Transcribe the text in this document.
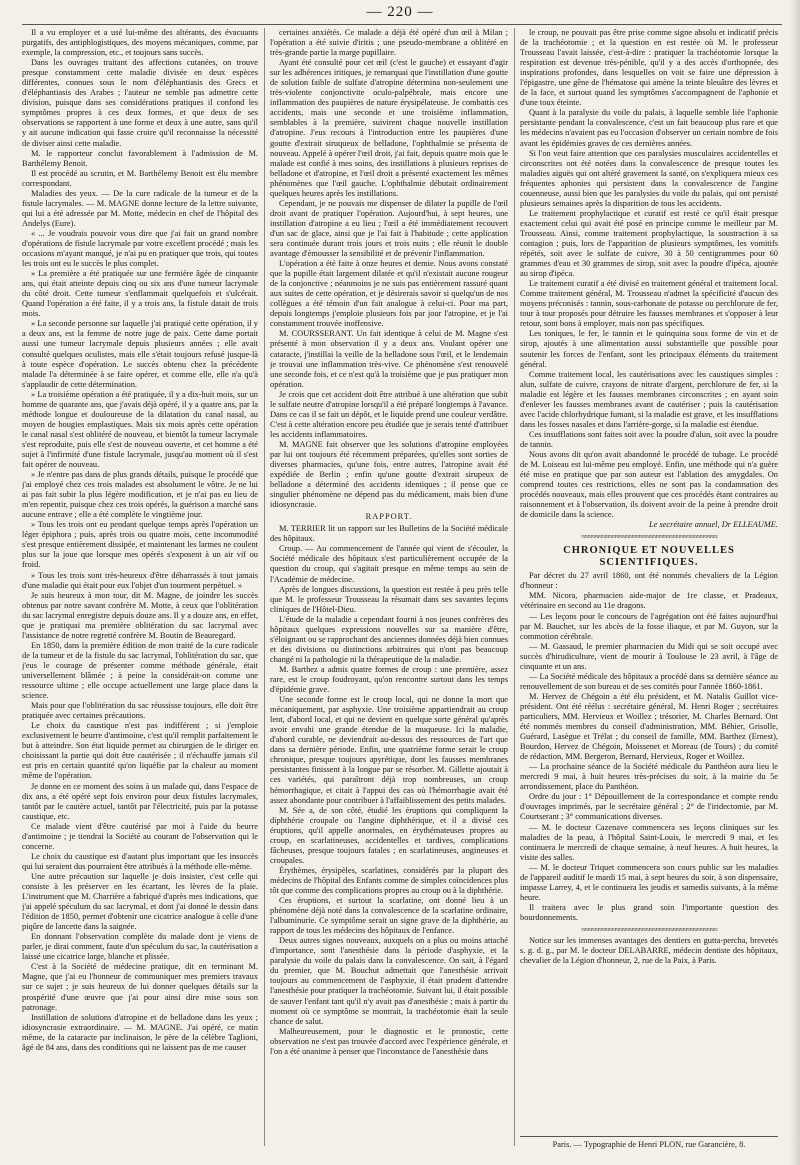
— 220 —

Il a vu employer et a usé lui-même des altérants, des évacuants purgatifs, des antiphlogistiques, des moyens mécaniques, comme, par exemple, la compression, etc., et toujours sans succès.

Dans les ouvrages traitant des affections cutanées, on trouve presque constamment cette maladie divisée en deux espèces différentes, connues sous le nom d'éléphantiasis des Grecs et d'éléphantiasis des Arabes ; l'auteur ne semble pas admettre cette division, puisque dans ses considérations pratiques il confond les symptômes propres à ces deux formes, et que deux de ses observations se rapportent à une forme et deux à une autre, sans qu'il y ait aucune indication qui fasse croire qu'il reconnaisse la nécessité de diviser ainsi cette maladie.

M. le rapporteur conclut favorablement à l'admission de M. Barthélemy Benoit.

Il est procédé au scrutin, et M. Barthélemy Benoit est élu membre correspondant.

Maladies des yeux. — De la cure radicale de la tumeur et de la fistule lacrymales. — M. MAGNE donne lecture de la lettre suivante, qui lui a été adressée par M. Motte, médecin en chef de l'hôpital des Andelys (Eure).

« ... Je voudrais pouvoir vous dire que j'ai fait un grand nombre d'opérations de fistule lacrymale par votre excellent procédé ; mais les occasions m'ayant manqué, je n'ai pu en pratiquer que trois, qui toutes les trois ont eu le succès le plus complet.

» La première a été pratiquée sur une fermière âgée de cinquante ans, qui était atteinte depuis cinq ou six ans d'une tumeur lacrymale du côté droit. Cette tumeur s'enflammait quelquefois et s'ulcérait. Quand l'opération a été faite, il y a trois ans, la fistule datait de trois mois.

» La seconde personne sur laquelle j'ai pratiqué cette opération, il y a deux ans, est la femme de notre juge de paix. Cette dame portait aussi une tumeur lacrymale depuis plusieurs années ; elle avait consulté quelques oculistes, mais elle s'était toujours refusé jusque-là à toute espèce d'opération. Le succès obtenu chez la précédente malade l'a déterminée à se faire opérer, et comme elle, elle n'a qu'à s'applaudir de cette détermination.

» La troisième opération a été pratiquée, il y a dix-huit mois, sur un homme de quarante ans, que j'avais déjà opéré, il y a quatre ans, par la méthode longue et douloureuse de la dilatation du canal nasal, au moyen de bougies emplastiques. Mais six mois après cette opération le canal nasal s'est oblitéré de nouveau, et bientôt la tumeur lacrymale s'est reproduite, puis elle s'est de nouveau ouverte, et cet homme a été sujet à l'infirmité d'une fistule lacrymale, jusqu'au moment où il s'est fait opérer de nouveau.

» Je n'entre pas dans de plus grands détails, puisque le procédé que j'ai employé chez ces trois malades est absolument le vôtre. Je ne lui ai pas fait subir la plus légère modification, et je n'ai pas eu lieu de m'en repentir, puisque chez ces trois opérés, la guérison a marché sans aucune entrave ; elle a été complète le vingtième jour.

» Tous les trois ont eu pendant quelque temps après l'opération un léger épiphora ; puis, après trois ou quatre mois, cette incommodité s'est presque entièrement dissipée, et maintenant les larmes ne coulent plus sur la joue que lorsque mes opérés s'exposent à un air vif ou froid.

» Tous les trois sont très-heureux d'être débarrassés à tout jamais d'une maladie qui était pour eux l'objet d'un tourment perpétuel. »

Je suis heureux à mon tour, dit M. Magne, de joindre les succès obtenus par notre savant confrère M. Motte, à ceux que l'oblitération du sac lacrymal enregistre depuis douze ans. Il y a douze ans, en effet, que je pratiquai ma première oblitération du sac lacrymal avec l'assistance de notre regretté confrère M. Boutin de Beauregard.

En 1850, dans la première édition de mon traité de la cure radicale de la tumeur et de la fistule du sac lacrymal, l'oblitération du sac, que j'eus le courage de présenter comme méthode générale, était universellement blâmée ; à peine la considérait-on comme une ressource ultime ; elle occupe actuellement une large place dans la science.

Mais pour que l'oblitération du sac réussisse toujours, elle doit être pratiquée avec certaines précautions.

Le choix du caustique n'est pas indifférent ; si j'emploie exclusivement le beurre d'antimoine, c'est qu'il remplit parfaitement le but à atteindre. Son état liquide permet au chirurgien de le diriger en choisissant la partie qui doit être cautérisée ; il n'échauffe jamais s'il est pris en certain quantité qu'on liquéfie par la chaleur au moment même de l'opération.

Je donne en ce moment des soins à un malade qui, dans l'espace de dix ans, a été opéré sept fois environ pour deux fistules lacrymales, tantôt par le cautère actuel, tantôt par l'électricité, puis par la potasse caustique, etc.

Ce malade vient d'être cautérisé par moi à l'aide du beurre d'antimoine ; je tiendrai la Société au courant de l'observation qui le concerne.

Le choix du caustique est d'autant plus important que les insuccès qui lui seraient dus pourraient être attribués à la méthode elle-même.

Une autre précaution sur laquelle je dois insister, c'est celle qui consiste à les préserver en les écartant, les lèvres de la plaie. L'instrument que M. Charrière a fabriqué d'après mes indications, que j'ai appelé spéculum du sac lacrymal, et dont j'ai donné le dessin dans l'édition de 1850, permet d'obtenir une cicatrice analogue à celle d'une piqûre de lancette dans la saignée.

En donnant l'observation complète du malade dont je viens de parler, je dirai comment, faute d'un spéculum du sac, la cautérisation a laissé une cicatrice large, blanche et plissée.

C'est à la Société de médecine pratique, dit en terminant M. Magne, que j'ai eu l'honneur de communiquer mes premiers travaux sur ce sujet ; je suis heureux de lui donner quelques détails sur la prospérité d'une œuvre que j'ai pour ainsi dire mise sous son patronage.

Instillation de solutions d'atropine et de belladone dans les yeux ; idiosyncrasie extraordinaire. — M. MAGNE. J'ai opéré, ce matin même, de la cataracte par inclinaison, le père de la célèbre Taglioni, âgé de 84 ans, dans des conditions qui ne laissent pas de me causer

certaines anxiétés. Ce malade a déjà été opéré d'un œil à Milan ; l'opération a été suivie d'iritis ; une pseudo-membrane a oblitéré en très-grande partie la marge pupillaire.

Ayant été consulté pour cet œil (c'est le gauche) et essayant d'agir sur les adhérences iritiques, je remarquai que l'instillation d'une goutte de solution faible de sulfate d'atropine détermina non-seulement une très-violente conjonctivite oculo-palpébrale, mais encore une inflammation des paupières de nature érysipélateuse. Je combattis ces accidents, mais une seconde et une troisième inflammation, semblables à la première, suivirent chaque nouvelle instillation d'atropine. J'eus recours à l'introduction entre les paupières d'une goutte d'extrait siruqueux de belladone, l'ophthalmie se présenta de nouveau. Appelé à opérer l'œil droit, j'ai fait, depuis quatre mois que le malade est confié à mes soins, des instillations à plusieurs reprises de belladone et d'atropine, et l'œil droit a présenté exactement les mêmes phénomènes que l'œil gauche. L'ophthalmie débutait ordinairement quelques heures après les instillations.

Cependant, je ne pouvais me dispenser de dilater la pupille de l'œil droit avant de pratiquer l'opération. Aujourd'hui, à sept heures, une instillation d'atropine a eu lieu ; l'œil a été immédiatement recouvert d'un sac de glace, ainsi que je l'ai fait à l'habitude ; cette application sera continuée durant trois jours et trois nuits ; elle réunit le double avantage d'émousser la sensibilité et de prévenir l'inflammation.

L'opération a été faite à onze heures et demie. Nous avons constaté que la pupille était largement dilatée et qu'il n'existait aucune rougeur de la conjonctive ; néanmoins je ne suis pas entièrement rassuré quant aux suites de cette opération, et je désirerais savoir si quelqu'un de nos collègues a été témoin d'un fait analogue à celui-ci. Pour ma part, depuis longtemps j'emploie plusieurs fois par jour l'atropine, et je l'ai constamment trouvée inoffensive.

M. COURSSERANT. Un fait identique à celui de M. Magne s'est présenté à mon observation il y a deux ans. Voulant opérer une cataracte, j'instillai la veille de la belladone sous l'œil, et le lendemain je trouvai une inflammation très-vive. Ce phénomène s'est renouvelé une seconde fois, et ce n'est qu'à la troisième que je pus pratiquer mon opération.

Je crois que cet accident doit être attribué à une altération que subit le sulfate neutre d'atropine lorsqu'il a été préparé longtemps à l'avance. Dans ce cas il se fait un dépôt, et le liquide prend une couleur verdâtre. C'est à cette altération encore peu étudiée que je serais tenté d'attribuer les accidents inflammatoires.

M. MAGNE fait observer que les solutions d'atropine employées par lui ont toujours été récemment préparées, qu'elles sont sorties de diverses pharmacies, qu'une fois, entre autres, l'atropine avait été expédiée de Berlin ; enfin qu'une goutte d'extrait sirupeux de belladone a déterminé des accidents identiques ; il pense que ce singulier phénomène ne dépend pas du médicament, mais bien d'une idiosyncrasie.

RAPPORT.

M. TERRIER lit un rapport sur les Bulletins de la Société médicale des hôpitaux.

Croup. — Au commencement de l'année qui vient de s'écouler, la Société médicale des hôpitaux s'est particulièrement occupée de la question du croup, qui s'agitait presque en même temps au sein de l'Académie de médecine.

Après de longues discussions, la question est restée à peu près telle que M. le professeur Trousseau la résumait dans ses savantes leçons cliniques de l'Hôtel-Dieu.

L'étude de la maladie a cependant fourni à nos jeunes confrères des hôpitaux quelques expressions nouvelles sur sa manière d'être, s'éloignant ou se rapprochant des anciennes données déjà bien connues et des divisions ou distinctions arbitraires qui n'ont pas beaucoup changé ni la pathologie ni la thérapeutique de la maladie.

M. Barthez a admis quatre formes de croup : une première, assez rare, est le croup foudroyant, qu'on rencontre surtout dans les temps d'épidémie grave.

Une seconde forme est le croup local, qui ne donne la mort que mécaniquement, par asphyxie. Une troisième appartiendrait au croup lent, d'abord local, et qui ne devient en quelque sorte général qu'après avoir envahi une grande étendue de la muqueuse. Ici la maladie, d'abord curable, ne deviendrait au-dessus des ressources de l'art que dans sa dernière période. Enfin, une quatrième forme serait le croup chronique, presque toujours apyrétique, dont les fausses membranes persistantes finissent à la longue par se résorber. M. Gillette ajoutait à ces variétés, qui paraîtront déjà trop nombreuses, un croup hémorrhagique, et citait à l'appui des cas où l'hémorrhagie avait été assez abondante pour contribuer à l'affaiblissement des petits malades.

M. Sée a, de son côté, étudié les éruptions qui compliquent la diphthérie croupale ou l'angine diphthérique, et il a divisé ces éruptions, qu'il appelle anormales, en érythémateuses propres au croup, en scarlatineuses, accidentelles et tardives, complications fâcheuses, presque toujours fatales ; en scarlatineuses, angineuses et croupales.

Érythèmes, érysipèles, scarlatines, considérés par la plupart des médecins de l'hôpital des Enfants comme de simples coïncidences plus tôt que comme des complications propres au croup ou à la diphthérie.

Ces éruptions, et surtout la scarlatine, ont donné lieu à un phénomène déjà noté dans la convalescence de la scarlatine ordinaire, l'albuminurie. Ce symptôme serait un signe grave de la diphthérie, au rapport de tous les médecins des hôpitaux de l'enfance.

Deux autres signes nouveaux, auxquels on a plus ou moins attaché d'importance, sont l'anesthésie dans la période d'asphyxie, et la paralysie du voile du palais dans la convalescence. On sait, à l'égard du premier, que M. Bouchut admettait que l'anesthésie arrivait toujours au commencement de l'asphyxie, il était prudent d'attendre l'anesthésie pour pratiquer la trachéotomie. Suivant lui, il était possible de sauver l'enfant tant qu'il n'y avait pas d'anesthésie ; mais à partir du moment où ce symptôme se montrait, la trachéotomie était la seule chance de salut.

Malheureusement, pour le diagnostic et le pronostic, cette observation ne s'est pas trouvée d'accord avec l'expérience générale, et l'on a été unanime à penser que l'inconstance de l'anesthésie dans

le croup, ne pouvait pas être prise comme signe absolu et indicatif précis de la trachéotomie ; et la question en est restée où M. le professeur Trousseau l'avait laissée, c'est-à-dire : pratiquer la trachéotomie lorsque la respiration est devenue très-pénible, qu'il y a des accès d'orthopnée, des inspirations profondes, dans lesquelles on voit se faire une dépression à l'épigastre, une gêne de l'hématose qui amène la teinte bleuâtre des lèvres et de la face, et surtout quand les symptômes s'accompagnent de l'aphonie et d'une toux éteinte.

Quant à la paralysie du voile du palais, à laquelle semble liée l'aphonie persistante pendant la convalescence, c'est un fait beaucoup plus rare et que les médecins n'avaient pas eu l'occasion d'observer un certain nombre de fois avant les épidémies graves de ces dernières années.

Si l'on veut faire attention que ces paralysies musculaires accidentelles et circonscrites ont été notées dans la convalescence de presque toutes les maladies aiguës qui ont altéré gravement la santé, on s'expliquera mieux ces fréquentes aphonies qui persistent dans la convalescence de l'angine couenneuse, aussi bien que les paralysies du voile du palais, qui ont persisté plusieurs semaines après la disparition de tous les accidents.

Le traitement prophylactique et curatif est resté ce qu'il était presque exactement celui qui avait été posé en principe comme le meilleur par M. Trousseau. Ainsi, comme traitement prophylactique, la soustraction à sa contagion ; puis, lors de l'apparition de plusieurs symptômes, les vomitifs répétés, soit avec le sulfate de cuivre, 30 à 50 centigrammes pour 60 grammes d'eau et 30 grammes de sirop, soit avec la poudre d'ipéca, ajoutée au sirop d'ipéca.

Le traitement curatif a été divisé en traitement général et traitement local. Comme traitement général, M. Trousseau n'admet la spécificité d'aucun des moyens préconisés : tannin, sous-carbonate de potasse ou perchlorure de fer, tour à tour proposés pour détruire les fausses membranes et s'opposer à leur retour, sont bons à employer, mais non pas spécifiques.

Les toniques, le fer, le tannin et le quinquina sous forme de vin et de sirop, ajoutés à une alimentation aussi substantielle que possible pour soutenir les forces de l'enfant, sont les principaux éléments du traitement général.

Comme traitement local, les cautérisations avec les caustiques simples : alun, sulfate de cuivre, crayons de nitrate d'argent, perchlorure de fer, si la maladie est légère et les fausses membranes circonscrites ; en ayant soin d'enlever les fausses membranes avant de cautériser ; puis la cautérisation avec l'acide chlorhydrique fumant, si la maladie est grave, et les insufflations dans les fosses nasales et dans l'arrière-gorge, si la maladie est étendue.

Ces insufflations sont faites soit avec la poudre d'alun, soit avec la poudre de tannin.

Nous avons dit qu'on avait abandonné le procédé de tubage. Le procédé de M. Loiseau est lui-même peu employé. Enfin, une méthode qui n'a guère été mise en pratique que par son auteur est l'ablation des amygdales. On comprend toutes ces restrictions, elles ne sont pas la condamnation des procédés nouveaux, mais elles prouvent que ces procédés étant contraires au raisonnement et à l'observation, ils doivent avoir de la peine à prendre droit de domicile dans la science.

Le secrétaire annuel, Dr ELLEAUME.

≈≈≈≈≈≈≈≈≈≈≈≈≈≈≈≈≈≈≈≈≈≈≈≈≈≈≈≈≈≈≈≈≈≈≈≈≈≈≈≈
CHRONIQUE ET NOUVELLES SCIENTIFIQUES.

Par décret du 27 avril 1860, ont été nommés chevaliers de la Légion d'honneur :

MM. Nicora, pharmacien aide-major de 1re classe, et Pradeaux, vétérinaire en second au 11e dragons.

— Les leçons pour le concours de l'agrégation ont été faites aujourd'hui par M. Bauchet, sur les abcès de la fosse iliaque, et par M. Guyon, sur la commotion cérébrale.

— M. Gassaud, le premier pharmacien du Midi qui se soit occupé avec succès d'hirudiculture, vient de mourir à Toulouse le 23 avril, à l'âge de cinquante et un ans.

— La Société médicale des hôpitaux a procédé dans sa dernière séance au renouvellement de son bureau et de ses comités pour l'année 1860-1861.

M. Hervez de Chégoin a été élu président, et M. Natalis Guillot vice-président. Ont été réélus : secrétaire général, M. Henri Roger ; secrétaires particuliers, MM. Hervieux et Woillez ; trésorier, M. Charles Bernard. Ont été nommés membres du conseil d'administration, MM. Béhier, Grisolle, Guérard, Lasègue et Trélat ; du conseil de famille, MM. Barthez (Ernest), Bourdon, Hervez de Chégoin, Moissenet et Moreau (de Tours) ; du comité de rédaction, MM. Bergeron, Bernard, Hervieux, Roger et Woillez.

— La prochaine séance de la Société médicale du Panthéon aura lieu le mercredi 9 mai, à huit heures très-précises du soir, à la mairie du 5e arrondissement, place du Panthéon.

Ordre du jour : 1° Dépouillement de la correspondance et compte rendu d'ouvrages imprimés, par le secrétaire général ; 2° de l'iridectomie, par M. Courtserant ; 3° communications diverses.

— M. le docteur Cazenave commencera ses leçons cliniques sur les maladies de la peau, à l'hôpital Saint-Louis, le mercredi 9 mai, et les continuera le mercredi de chaque semaine, à neuf heures. A huit heures, la visite des salles.

— M. le docteur Triquet commencera son cours public sur les maladies de l'appareil auditif le mardi 15 mai, à sept heures du soir, à son dispensaire, impasse Larrey, 4, et le continuera les jeudis et samedis suivants, à la même heure.

Il traitera avec le plus grand soin l'importante question des bourdonnements.

≈≈≈≈≈≈≈≈≈≈≈≈≈≈≈≈≈≈≈≈≈≈≈≈≈≈≈≈≈≈≈≈≈≈≈≈≈≈≈≈

Notice sur les immenses avantages des dentiers en gutta-percha, brevetés s. g. d. g., par M. le docteur DELABARRE, médecin dentiste des hôpitaux, chevalier de la Légion d'honneur, 2, rue de la Paix, à Paris.

Paris. — Typographie de Henri PLON, rue Garancière, 8.
